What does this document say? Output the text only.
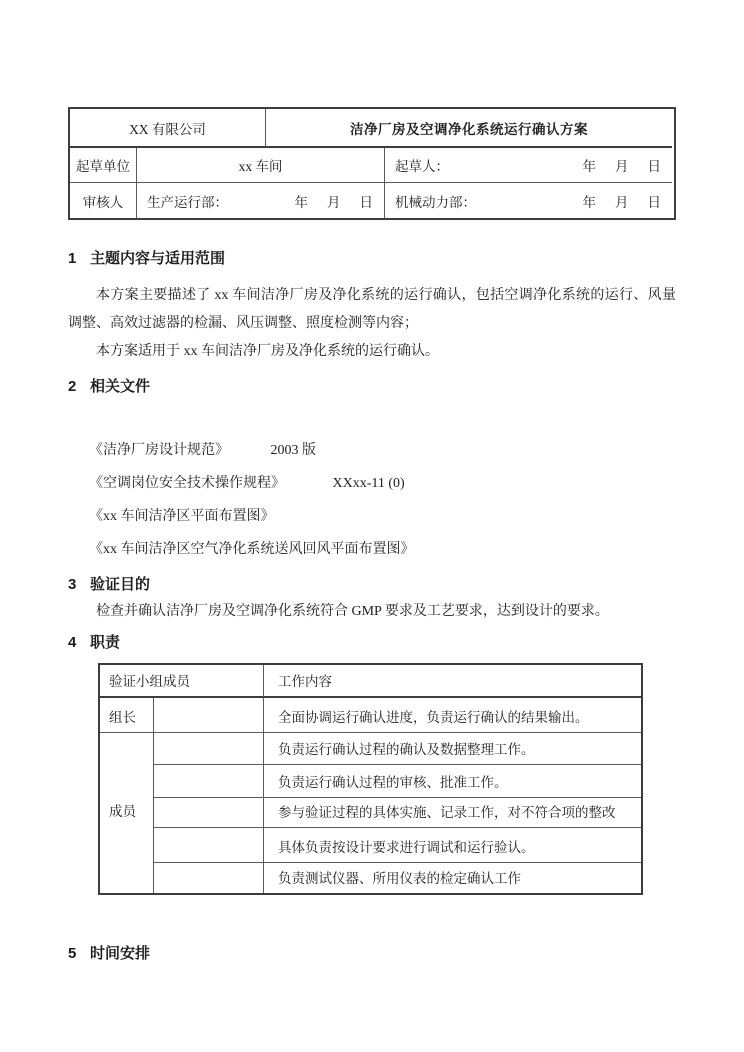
XX 有限公司	洁净厂房及空调净化系统运行确认方案
起草单位	xx 车间	起草人：	年 月 日
审核人	生产运行部：	年 月 日 机械动力部：	年 月 日
1 主题内容与适用范围

本方案主要描述了 xx 车间洁净厂房及净化系统的运行确认，包括空调净化系统的运行、风量调整、高效过滤器的检漏、风压调整、照度检测等内容；

本方案适用于 xx 车间洁净厂房及净化系统的运行确认。

2 相关文件
《洁净厂房设计规范》	2003 版
《空调岗位安全技术操作规程》	XXxx-11 (0)
《xx 车间洁净区平面布置图》
《xx 车间洁净区空气净化系统送风回风平面布置图》
3 验证目的

检查并确认洁净厂房及空调净化系统符合 GMP 要求及工艺要求，达到设计的要求。

4 职责
验证小组成员	工作内容
组长	全面协调运行确认进度，负责运行确认的结果输出。
成员
负责运行确认过程的确认及数据整理工作。
负责运行确认过程的审核、批准工作。
参与验证过程的具体实施、记录工作，对不符合项的整改
具体负责按设计要求进行调试和运行验认。
负责测试仪器、所用仪表的检定确认工作
5 时间安排
